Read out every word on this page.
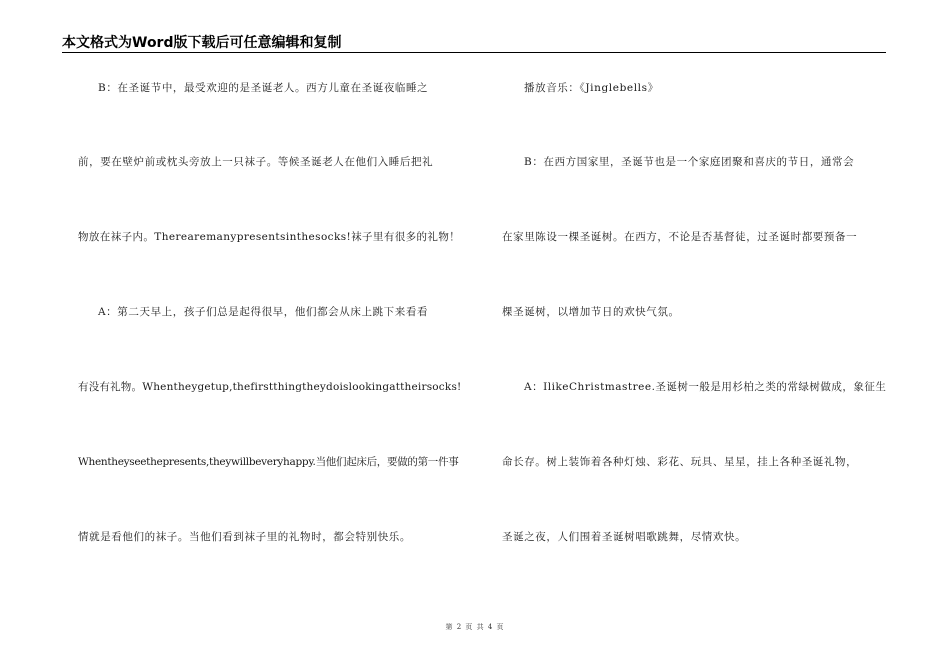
本文格式为Word版下载后可任意编辑和复制
B：在圣诞节中，最受欢迎的是圣诞老人。西方儿童在圣诞夜临睡之
前，要在壁炉前或枕头旁放上一只袜子。等候圣诞老人在他们入睡后把礼
物放在袜子内。Therearemanypresentsinthesocks!袜子里有很多的礼物！
A：第二天早上，孩子们总是起得很早，他们都会从床上跳下来看看
有没有礼物。Whentheygetup,thefirstthingtheydoislookingattheirsocks!
Whentheyseethepresents,theywillbeveryhappy.当他们起床后，要做的第一件事
情就是看他们的袜子。当他们看到袜子里的礼物时，都会特别快乐。
播放音乐：《Jinglebells》
B：在西方国家里，圣诞节也是一个家庭团聚和喜庆的节日，通常会
在家里陈设一棵圣诞树。在西方，不论是否基督徒，过圣诞时都要预备一
棵圣诞树，以增加节日的欢快气氛。
A：IlikeChristmastree.圣诞树一般是用杉柏之类的常绿树做成，象征生
命长存。树上装饰着各种灯烛、彩花、玩具、星星，挂上各种圣诞礼物，
圣诞之夜，人们围着圣诞树唱歌跳舞，尽情欢快。
第 2 页 共 4 页
